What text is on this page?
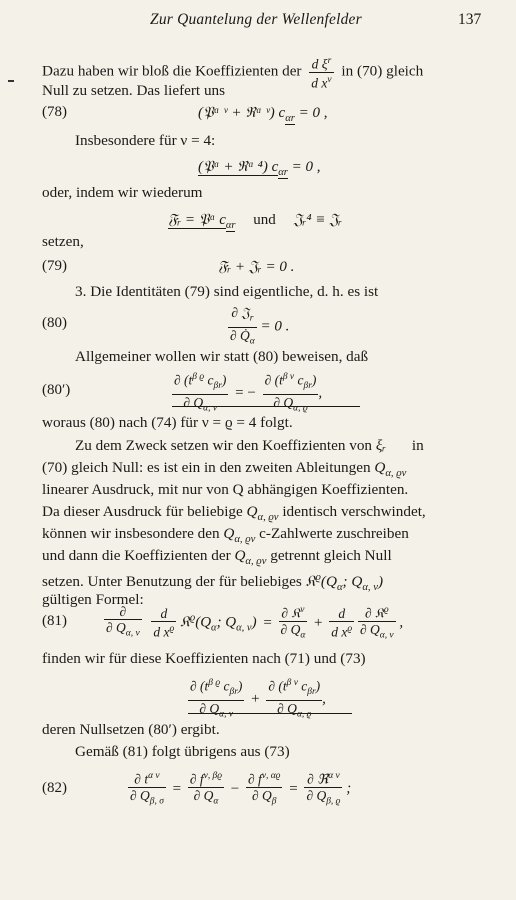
Zur Quantelung der Wellenfelder	137
Dazu haben wir bloß die Koeffizienten der $\frac{d \xi^r}{d x^\nu}$ in (70) gleich
Null zu setzen. Das liefert uns
(78)	(𝔓ᵅ ᵛ + ℜᵅ ᵛ) $c_{\alpha r} = 0$ ,
Insbesondere für ν = 4:
(𝔓ᵅ + ℜᵅ ⁴) $c_{\alpha r} = 0$ ,
oder, indem wir wiederum
𝔉ᵣ = 𝔓ᵅ $c_{\alpha r}$ und 𝔍ᵣ⁴ ≡ 𝔍ᵣ
setzen,
(79)	𝔉ᵣ + 𝔍ᵣ = 0 .
3. Die Identitäten (79) sind eigentliche, d. h. es ist
(80)	$\frac{\partial 𝔍_r}{\partial Q̇_\alpha} = 0$ .
Allgemeiner wollen wir statt (80) beweisen, daß
(80′)	$\frac{\partial (t^{\beta ϱ} c_{\beta r})}{\partial Q_{\alpha, \nu}}$ = − $\frac{\partial (t^{\beta \nu} c_{\beta r})}{\partial Q_{\alpha, ϱ}}$ ,
woraus (80) nach (74) für ν = ϱ = 4 folgt.
Zu dem Zweck setzen wir den Koeffizienten von ξᵣ in
(70) gleich Null: es ist ein in den zweiten Ableitungen $Q_{\alpha, ϱ\nu}$
linearer Ausdruck, mit nur von Q abhängigen Koeffizienten.
Da dieser Ausdruck für beliebige $Q_{\alpha, ϱ\nu}$ identisch verschwindet,
können wir insbesondere den $Q_{\alpha, ϱ\nu}$ c-Zahlwerte zuschreiben
und dann die Koeffizienten der $Q_{\alpha, ϱ\nu}$ getrennt gleich Null
setzen. Unter Benutzung der für beliebiges $𝔎^ϱ(Q_\alpha$; $Q_{\alpha, \nu}$)
gültigen Formel:
(81)	$\frac{\partial}{\partial Q_{\alpha, \nu}}$
$\frac{d}{d x^ϱ}$ $𝔎^ϱ(Q_\alpha$; $Q_{\alpha, \nu}) = \frac{\partial 𝔎^\nu}{\partial Q_\alpha} + \frac{d}{d x^ϱ}$
$\frac{\partial 𝔎^ϱ}{\partial Q_{\alpha, \nu}}$ ,
finden wir für diese Koeffizienten nach (71) und (73)
$\frac{\partial (t^{\beta ϱ} c_{\beta r})}{\partial Q_{\alpha, \nu}} + \frac{\partial (t^{\beta \nu} c_{\beta r})}{\partial Q_{\alpha, ϱ}}$ ,
deren Nullsetzen (80′) ergibt.
Gemäß (81) folgt übrigens aus (73)
(82)	$\frac{\partial t^{\alpha \nu}}{\partial Q_{\beta, \sigma}} = \frac{\partial f^{\nu, \beta ϱ}}{\partial Q_\alpha} - \frac{\partial f^{\nu, \alpha ϱ}}{\partial Q_\beta} = \frac{\partial ℜ^{\alpha \nu}}{\partial Q_{\beta, ϱ}}$ ;
